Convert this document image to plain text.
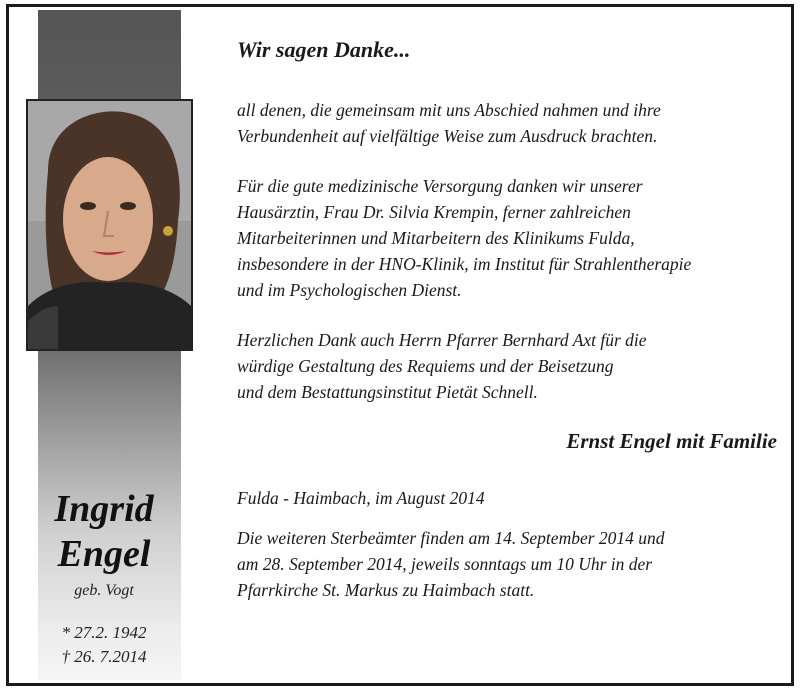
Ingrid
Engel
geb. Vogt
* 27.2. 1942
† 26. 7.2014
Wir sagen Danke...
all denen, die gemeinsam mit uns Abschied nahmen und ihre
Verbundenheit auf vielfältige Weise zum Ausdruck brachten.
Für die gute medizinische Versorgung danken wir unserer
Hausärztin, Frau Dr. Silvia Krempin, ferner zahlreichen
Mitarbeiterinnen und Mitarbeitern des Klinikums Fulda,
insbesondere in der HNO-Klinik, im Institut für Strahlentherapie
und im Psychologischen Dienst.
Herzlichen Dank auch Herrn Pfarrer Bernhard Axt für die
würdige Gestaltung des Requiems und der Beisetzung
und dem Bestattungsinstitut Pietät Schnell.
Ernst Engel mit Familie
Fulda - Haimbach, im August 2014
Die weiteren Sterbeämter finden am 14. September 2014 und
am 28. September 2014, jeweils sonntags um 10 Uhr in der
Pfarrkirche St. Markus zu Haimbach statt.
